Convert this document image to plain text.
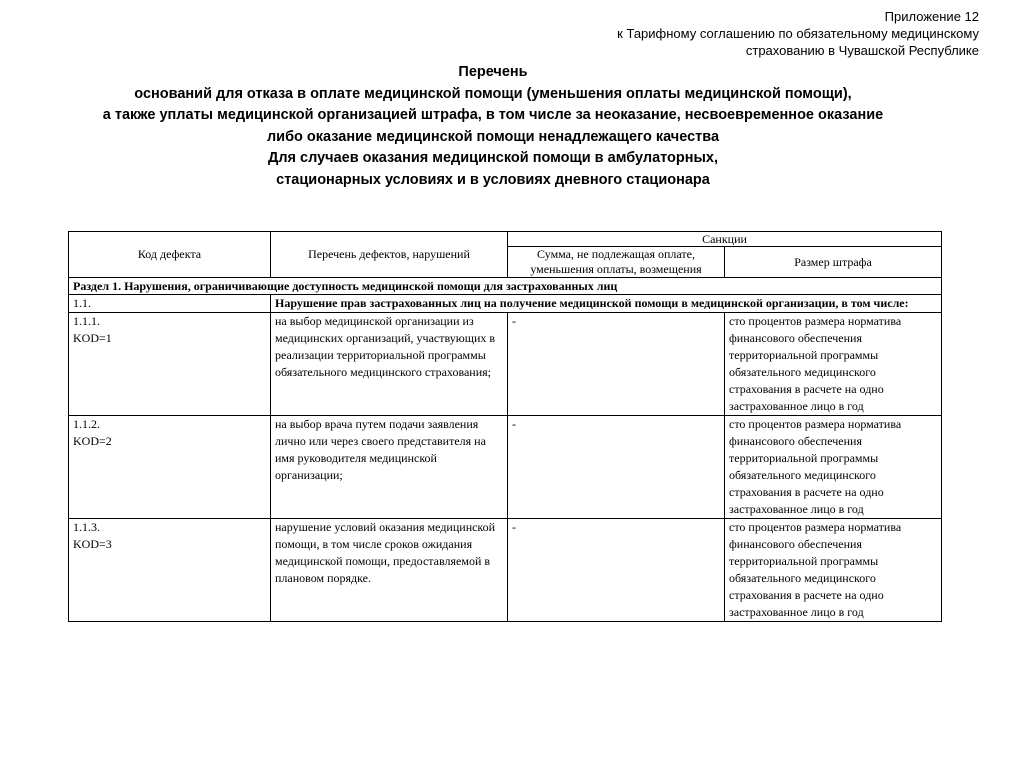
Приложение 12
к Тарифному соглашению по обязательному медицинскому
страхованию в Чувашской Республике
Перечень
оснований для отказа в оплате медицинской помощи (уменьшения оплаты медицинской помощи),
а также уплаты медицинской организацией штрафа, в том числе за неоказание, несвоевременное оказание
либо оказание медицинской помощи ненадлежащего качества
Для случаев оказания медицинской помощи в амбулаторных,
стационарных условиях и в условиях дневного стационара
Код дефекта	Перечень дефектов, нарушений	Санкции	
		Сумма, не подлежащая оплате, уменьшения оплаты, возмещения	Размер штрафа
Раздел 1. Нарушения, ограничивающие доступность медицинской помощи для застрахованных лиц			
1.1.	Нарушение прав застрахованных лиц на получение медицинской помощи в медицинской организации, в том числе:		

1.1.1.
KOD=1	на выбор медицинской организации из медицинских организаций, участвующих в реализации территориальной программы обязательного медицинского страхования;	-	сто процентов размера норматива финансового обеспечения территориальной программы обязательного медицинского страхования в расчете на одно застрахованное лицо в год

1.1.2.
KOD=2	на выбор врача путем подачи заявления лично или через своего представителя на имя руководителя медицинской организации;	-	сто процентов размера норматива финансового обеспечения территориальной программы обязательного медицинского страхования в расчете на одно застрахованное лицо в год

1.1.3.
KOD=3	нарушение условий оказания медицинской помощи, в том числе сроков ожидания медицинской помощи, предоставляемой в плановом порядке.	-	сто процентов размера норматива финансового обеспечения территориальной программы обязательного медицинского страхования в расчете на одно застрахованное лицо в год
